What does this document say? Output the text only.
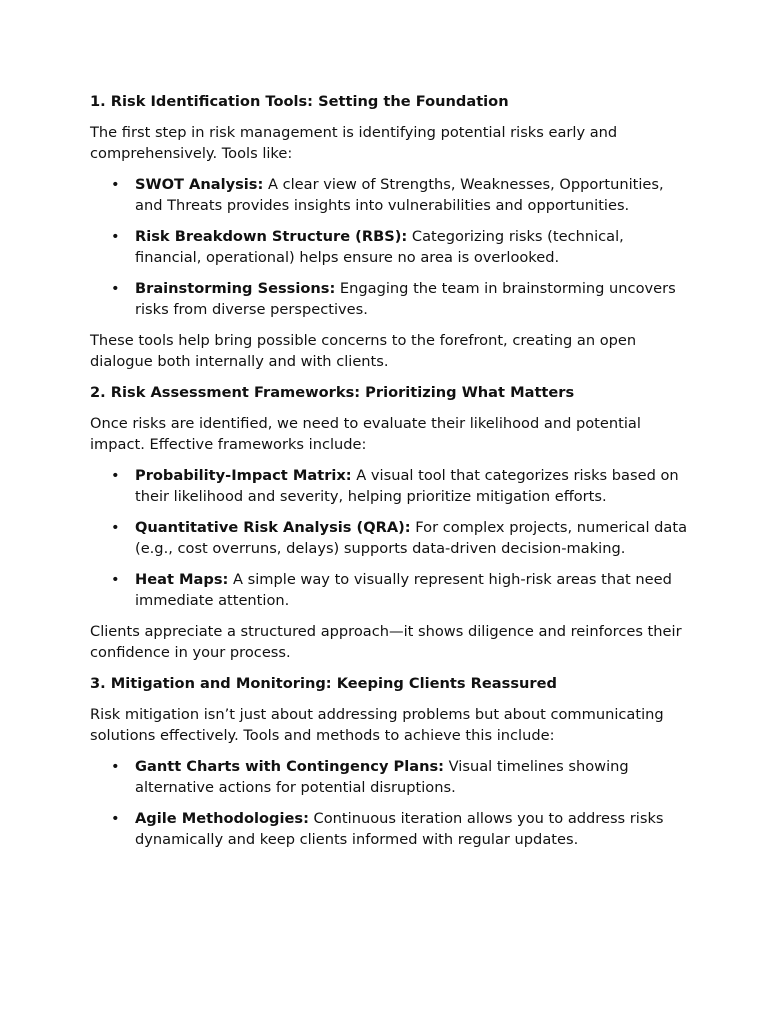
1. Risk Identification Tools: Setting the Foundation

The first step in risk management is identifying potential risks early and comprehensively. Tools like:

• SWOT Analysis: A clear view of Strengths, Weaknesses, Opportunities, and Threats provides insights into vulnerabilities and opportunities.
• Risk Breakdown Structure (RBS): Categorizing risks (technical, financial, operational) helps ensure no area is overlooked.
• Brainstorming Sessions: Engaging the team in brainstorming uncovers risks from diverse perspectives.

These tools help bring possible concerns to the forefront, creating an open dialogue both internally and with clients.

2. Risk Assessment Frameworks: Prioritizing What Matters

Once risks are identified, we need to evaluate their likelihood and potential impact. Effective frameworks include:

• Probability-Impact Matrix: A visual tool that categorizes risks based on their likelihood and severity, helping prioritize mitigation efforts.
• Quantitative Risk Analysis (QRA): For complex projects, numerical data (e.g., cost overruns, delays) supports data-driven decision-making.
• Heat Maps: A simple way to visually represent high-risk areas that need immediate attention.

Clients appreciate a structured approach—it shows diligence and reinforces their confidence in your process.

3. Mitigation and Monitoring: Keeping Clients Reassured

Risk mitigation isn’t just about addressing problems but about communicating solutions effectively. Tools and methods to achieve this include:

• Gantt Charts with Contingency Plans: Visual timelines showing alternative actions for potential disruptions.
• Agile Methodologies: Continuous iteration allows you to address risks dynamically and keep clients informed with regular updates.
